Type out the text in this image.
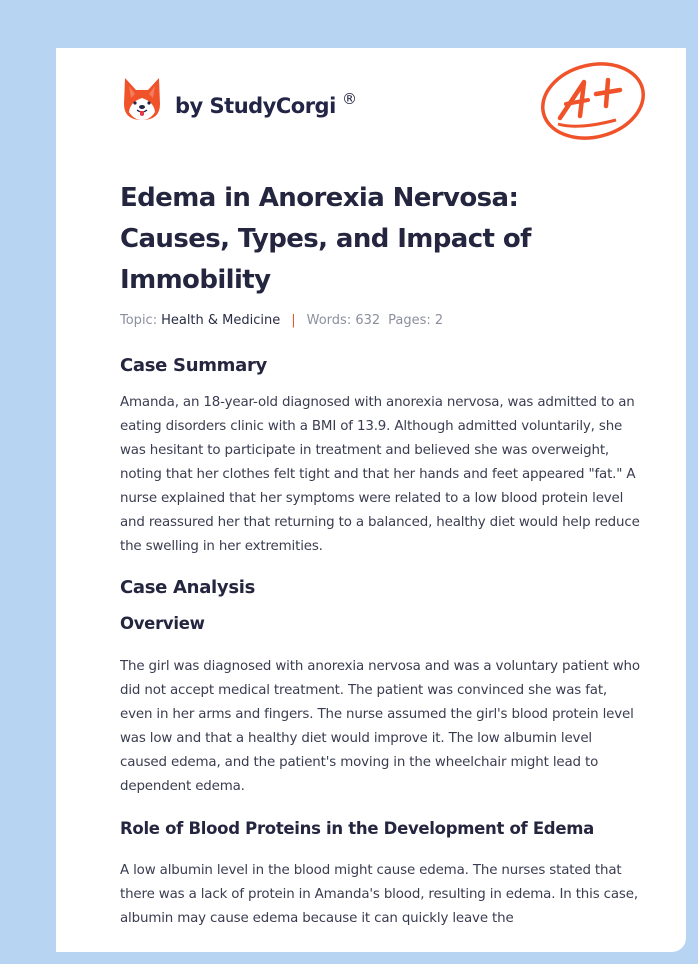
by StudyCorgi ®
Edema in Anorexia Nervosa:
Causes, Types, and Impact of
Immobility
Topic: Health & Medicine | Words: 632 Pages: 2
Case Summary

Amanda, an 18-year-old diagnosed with anorexia nervosa, was admitted to an eating disorders clinic with a BMI of 13.9. Although admitted voluntarily, she was hesitant to participate in treatment and believed she was overweight, noting that her clothes felt tight and that her hands and feet appeared "fat." A nurse explained that her symptoms were related to a low blood protein level and reassured her that returning to a balanced, healthy diet would help reduce the swelling in her extremities.

Case Analysis
Overview

The girl was diagnosed with anorexia nervosa and was a voluntary patient who did not accept medical treatment. The patient was convinced she was fat, even in her arms and fingers. The nurse assumed the girl's blood protein level was low and that a healthy diet would improve it. The low albumin level caused edema, and the patient's moving in the wheelchair might lead to dependent edema.

Role of Blood Proteins in the Development of Edema

A low albumin level in the blood might cause edema. The nurses stated that there was a lack of protein in Amanda's blood, resulting in edema. In this case, albumin may cause edema because it can quickly leave the
